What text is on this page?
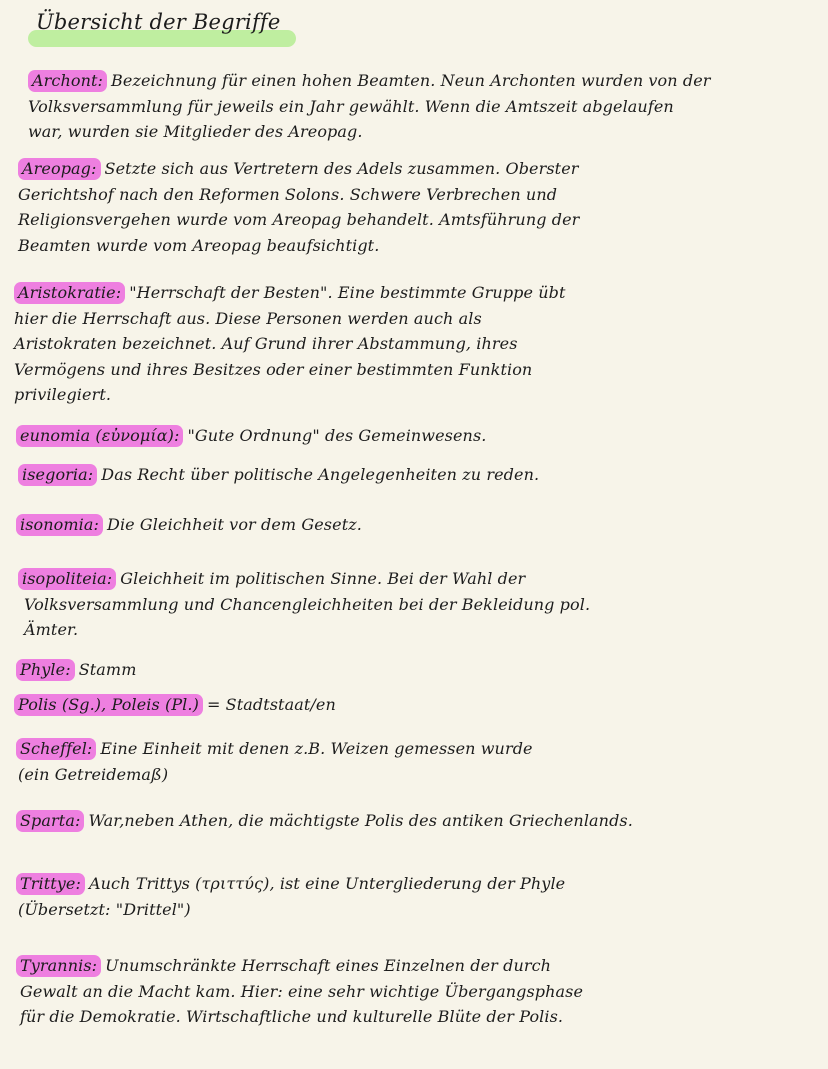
Übersicht der Begriffe
Archont: Bezeichnung für einen hohen Beamten. Neun Archonten wurden von der
Volksversammlung für jeweils ein Jahr gewählt. Wenn die Amtszeit abgelaufen
war, wurden sie Mitglieder des Areopag.
Areopag: Setzte sich aus Vertretern des Adels zusammen. Oberster
Gerichtshof nach den Reformen Solons. Schwere Verbrechen und
Religionsvergehen wurde vom Areopag behandelt. Amtsführung der
Beamten wurde vom Areopag beaufsichtigt.
Aristokratie: "Herrschaft der Besten". Eine bestimmte Gruppe übt
hier die Herrschaft aus. Diese Personen werden auch als
Aristokraten bezeichnet. Auf Grund ihrer Abstammung, ihres
Vermögens und ihres Besitzes oder einer bestimmten Funktion
privilegiert.
eunomia (εὐνομία): "Gute Ordnung" des Gemeinwesens.
isegoria: Das Recht über politische Angelegenheiten zu reden.
isonomia: Die Gleichheit vor dem Gesetz.
isopoliteia: Gleichheit im politischen Sinne. Bei der Wahl der
Volksversammlung und Chancengleichheiten bei der Bekleidung pol.
Ämter.
Phyle: Stamm
Polis (Sg.), Poleis (Pl.) = Stadtstaat/en
Scheffel: Eine Einheit mit denen z.B. Weizen gemessen wurde
(ein Getreidemaß)
Sparta: War,neben Athen, die mächtigste Polis des antiken Griechenlands.
Trittye: Auch Trittys (τριττύς), ist eine Untergliederung der Phyle
(Übersetzt: "Drittel")
Tyrannis: Unumschränkte Herrschaft eines Einzelnen der durch
Gewalt an die Macht kam. Hier: eine sehr wichtige Übergangsphase
für die Demokratie. Wirtschaftliche und kulturelle Blüte der Polis.
